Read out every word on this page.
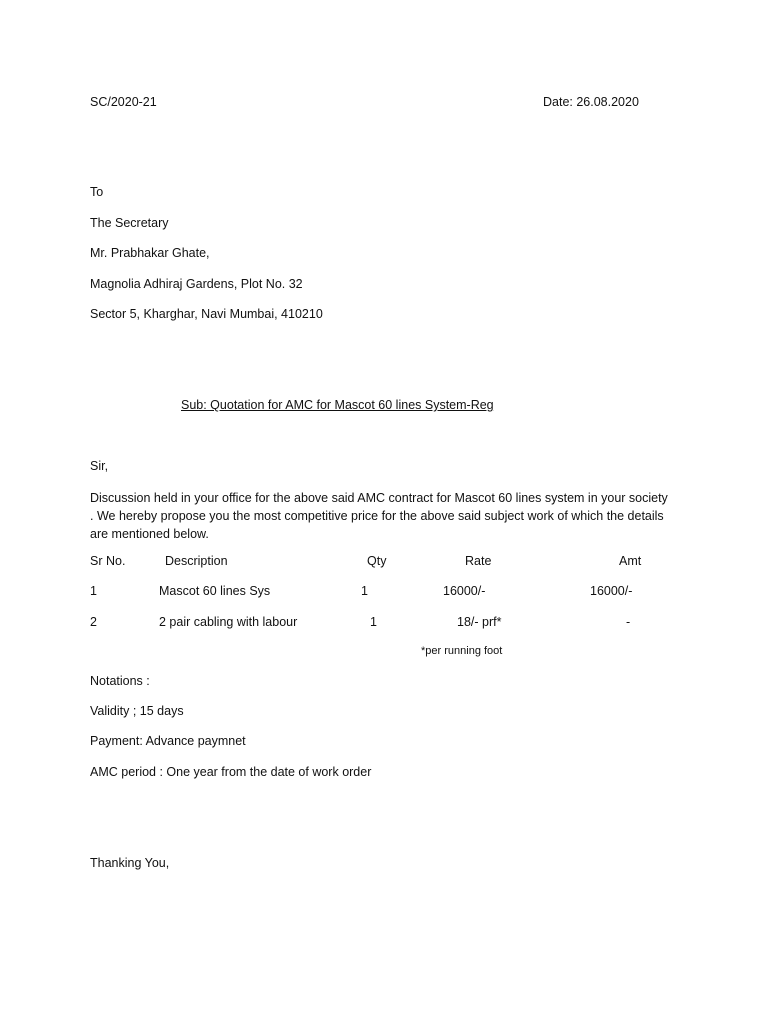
SC/2020-21	Date: 26.08.2020
To
The Secretary
Mr. Prabhakar Ghate,
Magnolia Adhiraj Gardens, Plot No. 32
Sector 5, Kharghar, Navi Mumbai, 410210
Sub: Quotation for AMC for Mascot 60 lines System-Reg
Sir,
Discussion held in your office for the above said AMC contract for Mascot 60 lines system in your society . We hereby propose you the most competitive price for the above said subject work of which the details are mentioned below.
Sr No.	Description	Qty	Rate	Amt
1	Mascot 60 lines Sys	1	16000/-	16000/-
2	2 pair cabling with labour	1	18/- prf*	-
*per running foot
Notations :
Validity ; 15 days
Payment: Advance paymnet
AMC period : One year from the date of work order
Thanking You,
